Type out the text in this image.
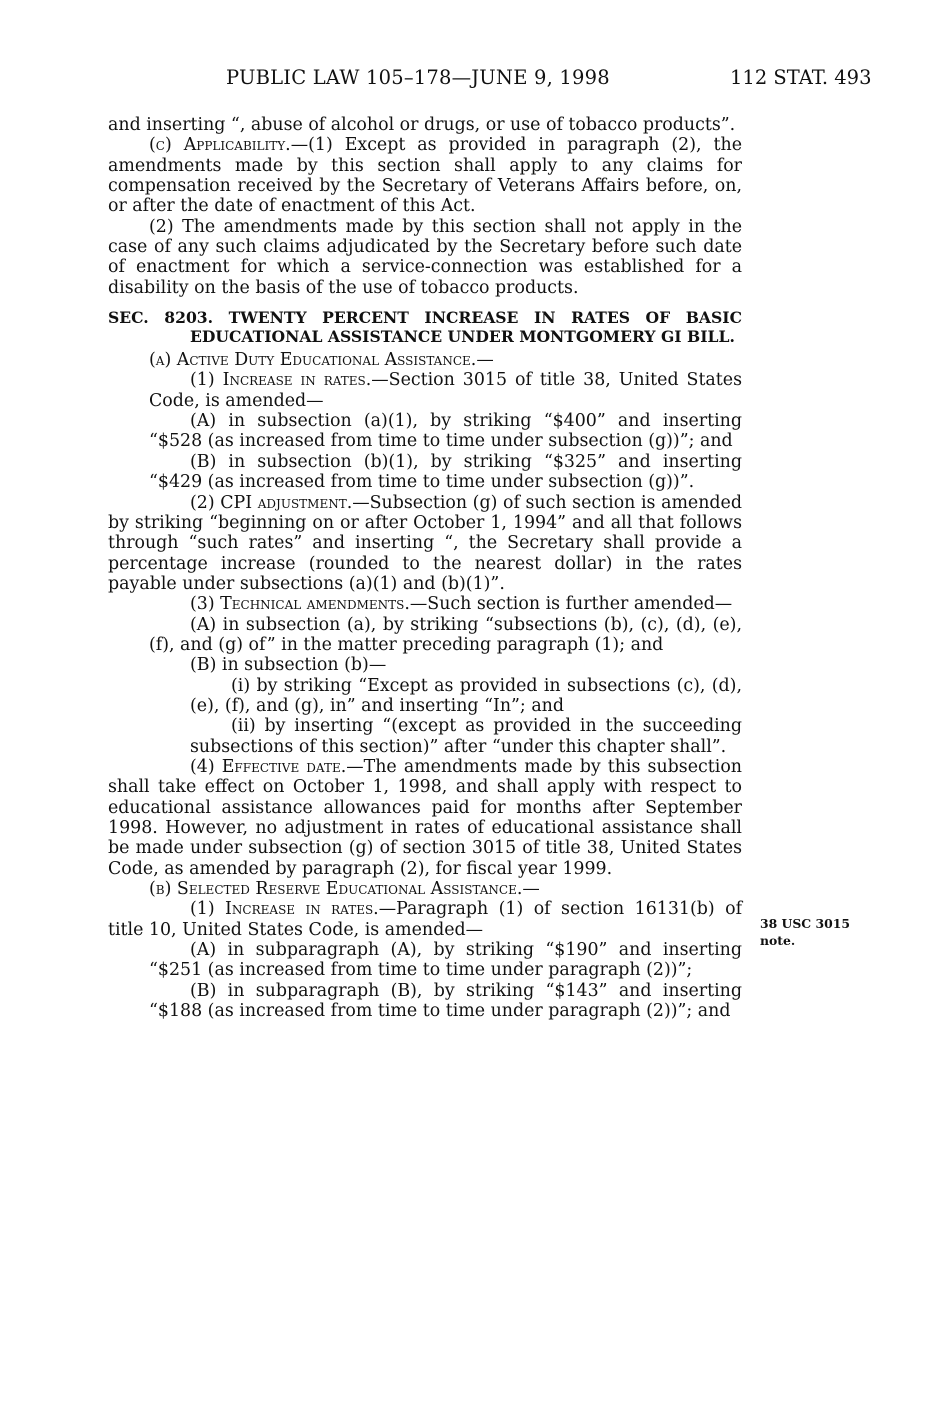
PUBLIC LAW 105–178—JUNE 9, 1998	112 STAT. 493

and inserting “, abuse of alcohol or drugs, or use of tobacco products”.

(c) Applicability.—(1) Except as provided in paragraph (2), the amendments made by this section shall apply to any claims for compensation received by the Secretary of Veterans Affairs before, on, or after the date of enactment of this Act.

(2) The amendments made by this section shall not apply in the case of any such claims adjudicated by the Secretary before such date of enactment for which a service-connection was established for a disability on the basis of the use of tobacco products.

SEC. 8203. TWENTY PERCENT INCREASE IN RATES OF BASIC EDUCATIONAL ASSISTANCE UNDER MONTGOMERY GI BILL.

(a) Active Duty Educational Assistance.—

(1) Increase in rates.—Section 3015 of title 38, United States Code, is amended—

(A) in subsection (a)(1), by striking “$400” and inserting “$528 (as increased from time to time under subsection (g))”; and

(B) in subsection (b)(1), by striking “$325” and inserting “$429 (as increased from time to time under subsection (g))”.

(2) CPI adjustment.—Subsection (g) of such section is amended by striking “beginning on or after October 1, 1994” and all that follows through “such rates” and inserting “, the Secretary shall provide a percentage increase (rounded to the nearest dollar) in the rates payable under subsections (a)(1) and (b)(1)”.

(3) Technical amendments.—Such section is further amended—

(A) in subsection (a), by striking “subsections (b), (c), (d), (e), (f), and (g) of” in the matter preceding paragraph (1); and

(B) in subsection (b)—

(i) by striking “Except as provided in subsections (c), (d), (e), (f), and (g), in” and inserting “In”; and

(ii) by inserting “(except as provided in the succeeding subsections of this section)” after “under this chapter shall”.

(4) Effective date.—The amendments made by this subsection shall take effect on October 1, 1998, and shall apply with respect to educational assistance allowances paid for months after September 1998. However, no adjustment in rates of educational assistance shall be made under subsection (g) of section 3015 of title 38, United States Code, as amended by paragraph (2), for fiscal year 1999.

(b) Selected Reserve Educational Assistance.—

(1) Increase in rates.—Paragraph (1) of section 16131(b) of title 10, United States Code, is amended—

(A) in subparagraph (A), by striking “$190” and inserting “$251 (as increased from time to time under paragraph (2))”;

(B) in subparagraph (B), by striking “$143” and inserting “$188 (as increased from time to time under paragraph (2))”; and

38 USC 3015
note.
